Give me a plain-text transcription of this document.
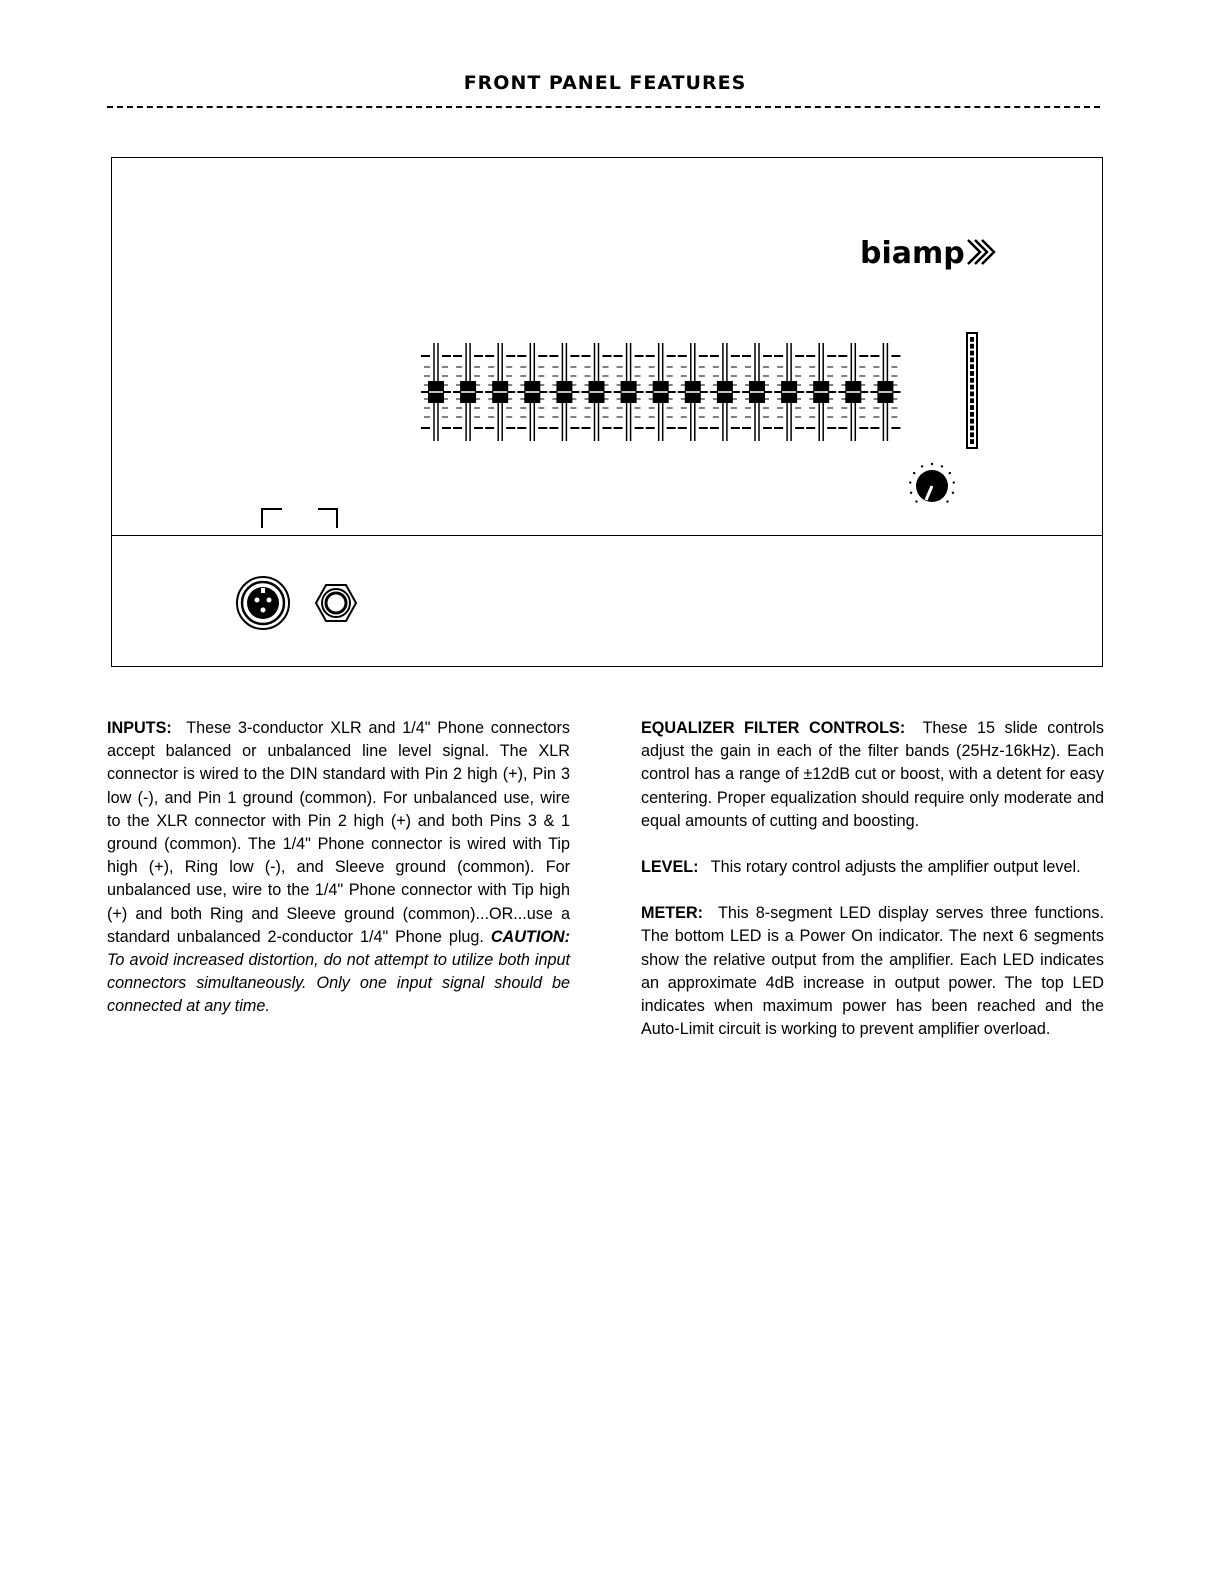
FRONT PANEL FEATURES
biamp

INPUTS: These 3-conductor XLR and 1/4" Phone connectors accept balanced or unbalanced line level signal. The XLR connector is wired to the DIN standard with Pin 2 high (+), Pin 3 low (-), and Pin 1 ground (common). For unbalanced use, wire to the XLR connector with Pin 2 high (+) and both Pins 3 & 1 ground (common). The 1/4" Phone connector is wired with Tip high (+), Ring low (-), and Sleeve ground (common). For unbalanced use, wire to the 1/4" Phone connector with Tip high (+) and both Ring and Sleeve ground (common)...OR...use a standard unbalanced 2-conductor 1/4" Phone plug. CAUTION: To avoid increased distortion, do not attempt to utilize both input connectors simultaneously. Only one input signal should be connected at any time.

EQUALIZER FILTER CONTROLS: These 15 slide controls adjust the gain in each of the filter bands (25Hz-16kHz). Each control has a range of ±12dB cut or boost, with a detent for easy centering. Proper equalization should require only moderate and equal amounts of cutting and boosting.

LEVEL: This rotary control adjusts the amplifier output level.

METER: This 8-segment LED display serves three functions. The bottom LED is a Power On indicator. The next 6 segments show the relative output from the amplifier. Each LED indicates an approximate 4dB increase in output power. The top LED indicates when maximum power has been reached and the Auto-Limit circuit is working to prevent amplifier overload.
